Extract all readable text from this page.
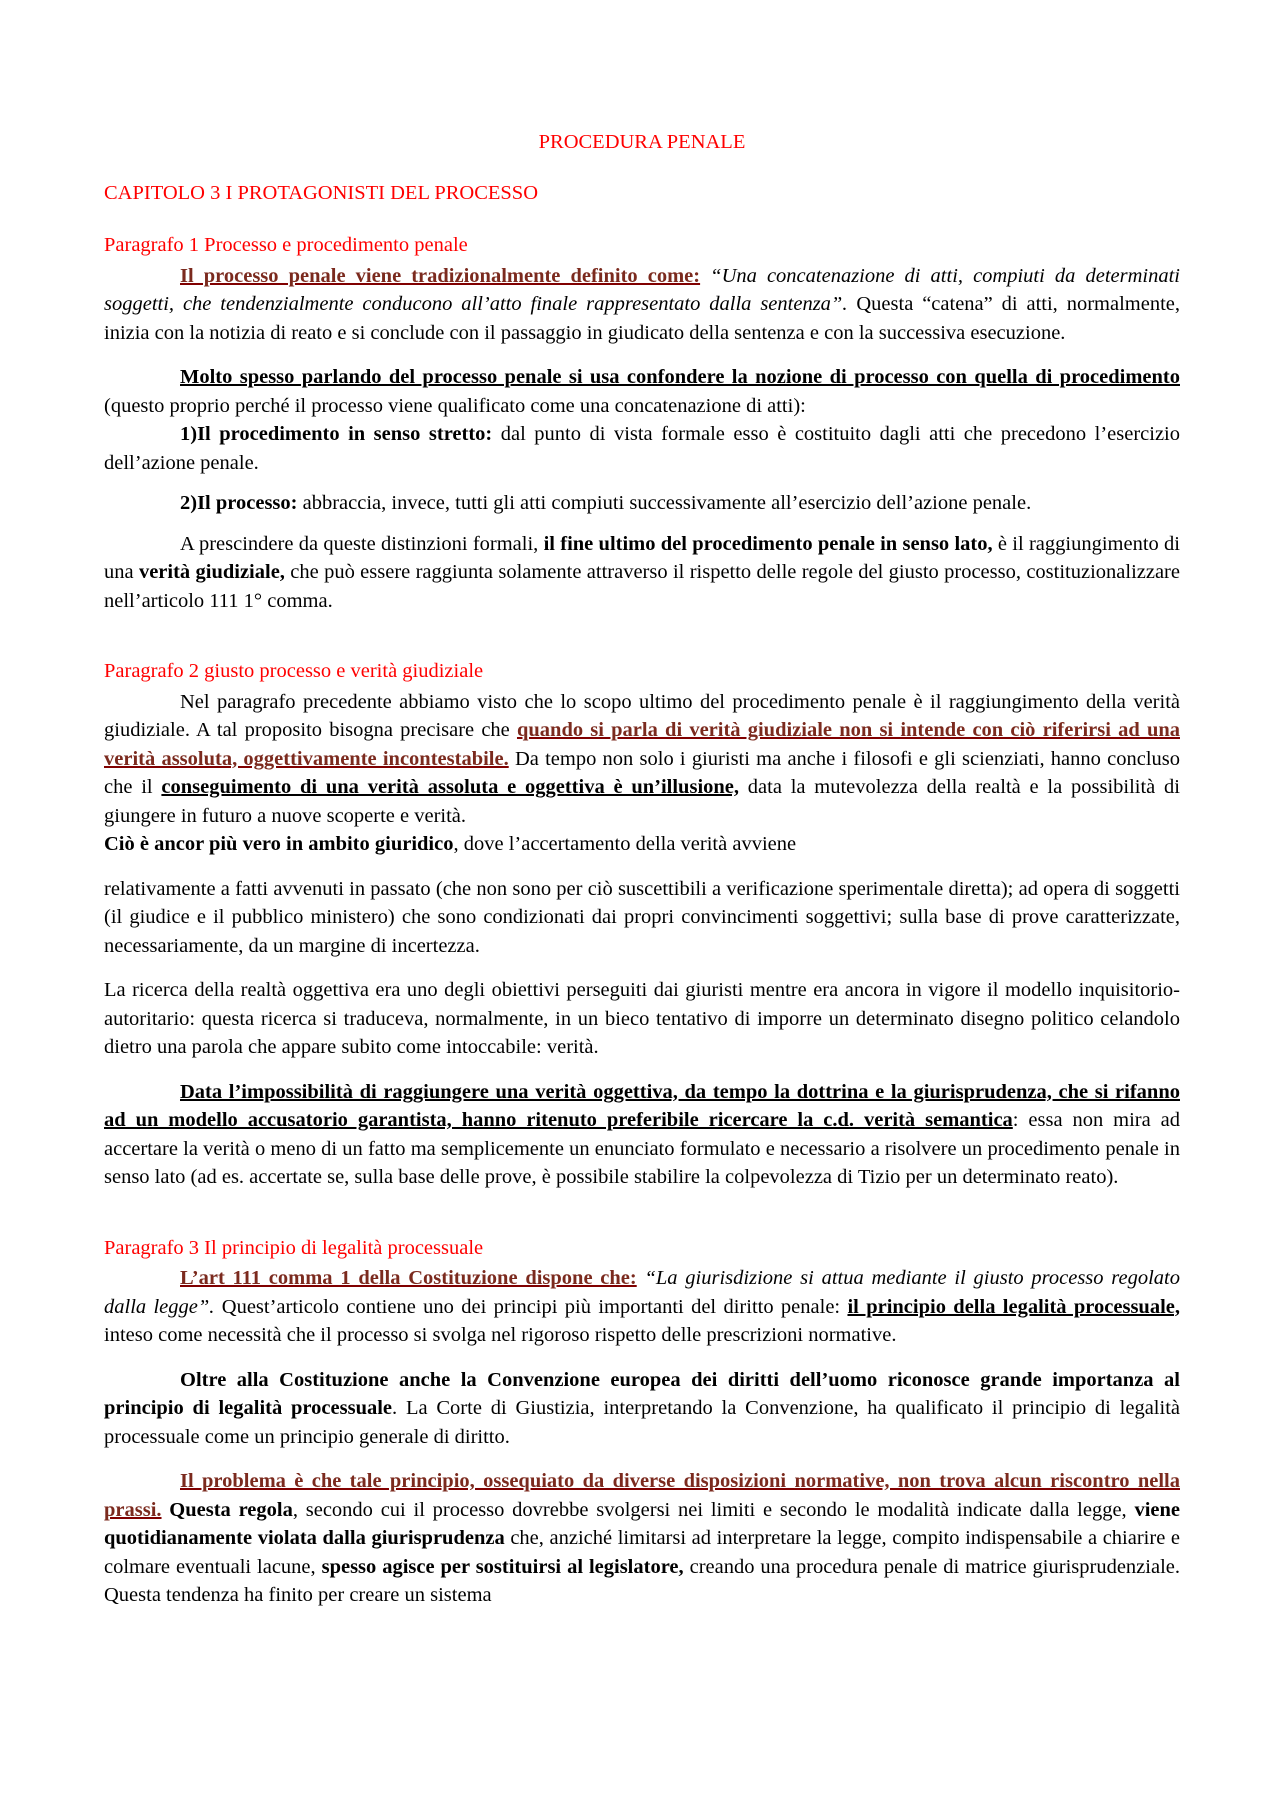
PROCEDURA PENALE
CAPITOLO 3 I PROTAGONISTI DEL PROCESSO
Paragrafo 1 Processo e procedimento penale

Il processo penale viene tradizionalmente definito come: “Una concatenazione di atti, compiuti da determinati soggetti, che tendenzialmente conducono all’atto finale rappresentato dalla sentenza”. Questa “catena” di atti, normalmente, inizia con la notizia di reato e si conclude con il passaggio in giudicato della sentenza e con la successiva esecuzione.

Molto spesso parlando del processo penale si usa confondere la nozione di processo con quella di procedimento (questo proprio perché il processo viene qualificato come una concatenazione di atti):

1)Il procedimento in senso stretto: dal punto di vista formale esso è costituito dagli atti che precedono l’esercizio dell’azione penale.

2)Il processo: abbraccia, invece, tutti gli atti compiuti successivamente all’esercizio dell’azione penale.

A prescindere da queste distinzioni formali, il fine ultimo del procedimento penale in senso lato, è il raggiungimento di una verità giudiziale, che può essere raggiunta solamente attraverso il rispetto delle regole del giusto processo, costituzionalizzare nell’articolo 111 1° comma.

Paragrafo 2 giusto processo e verità giudiziale

Nel paragrafo precedente abbiamo visto che lo scopo ultimo del procedimento penale è il raggiungimento della verità giudiziale. A tal proposito bisogna precisare che quando si parla di verità giudiziale non si intende con ciò riferirsi ad una verità assoluta, oggettivamente incontestabile. Da tempo non solo i giuristi ma anche i filosofi e gli scienziati, hanno concluso che il conseguimento di una verità assoluta e oggettiva è un’illusione, data la mutevolezza della realtà e la possibilità di giungere in futuro a nuove scoperte e verità.

Ciò è ancor più vero in ambito giuridico, dove l’accertamento della verità avviene

relativamente a fatti avvenuti in passato (che non sono per ciò suscettibili a verificazione sperimentale diretta); ad opera di soggetti (il giudice e il pubblico ministero) che sono condizionati dai propri convincimenti soggettivi; sulla base di prove caratterizzate, necessariamente, da un margine di incertezza.

La ricerca della realtà oggettiva era uno degli obiettivi perseguiti dai giuristi mentre era ancora in vigore il modello inquisitorio-autoritario: questa ricerca si traduceva, normalmente, in un bieco tentativo di imporre un determinato disegno politico celandolo dietro una parola che appare subito come intoccabile: verità.

Data l’impossibilità di raggiungere una verità oggettiva, da tempo la dottrina e la giurisprudenza, che si rifanno ad un modello accusatorio garantista, hanno ritenuto preferibile ricercare la c.d. verità semantica: essa non mira ad accertare la verità o meno di un fatto ma semplicemente un enunciato formulato e necessario a risolvere un procedimento penale in senso lato (ad es. accertate se, sulla base delle prove, è possibile stabilire la colpevolezza di Tizio per un determinato reato).

Paragrafo 3 Il principio di legalità processuale

L’art 111 comma 1 della Costituzione dispone che: “La giurisdizione si attua mediante il giusto processo regolato dalla legge”. Quest’articolo contiene uno dei principi più importanti del diritto penale: il principio della legalità processuale, inteso come necessità che il processo si svolga nel rigoroso rispetto delle prescrizioni normative.

Oltre alla Costituzione anche la Convenzione europea dei diritti dell’uomo riconosce grande importanza al principio di legalità processuale. La Corte di Giustizia, interpretando la Convenzione, ha qualificato il principio di legalità processuale come un principio generale di diritto.

Il problema è che tale principio, ossequiato da diverse disposizioni normative, non trova alcun riscontro nella prassi. Questa regola, secondo cui il processo dovrebbe svolgersi nei limiti e secondo le modalità indicate dalla legge, viene quotidianamente violata dalla giurisprudenza che, anziché limitarsi ad interpretare la legge, compito indispensabile a chiarire e colmare eventuali lacune, spesso agisce per sostituirsi al legislatore, creando una procedura penale di matrice giurisprudenziale. Questa tendenza ha finito per creare un sistema
